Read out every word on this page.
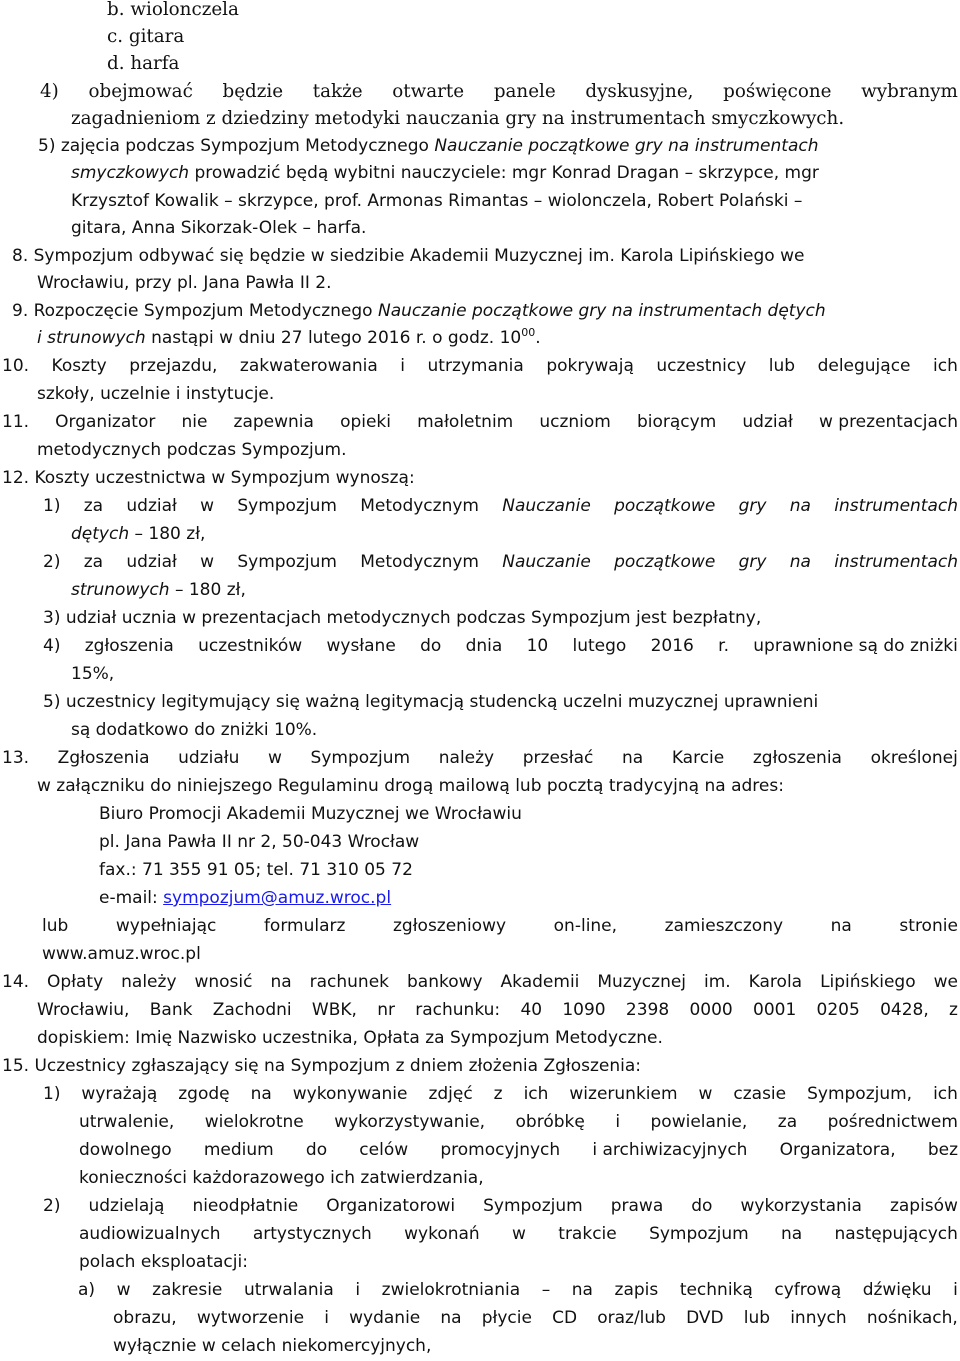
b. wiolonczela
c. gitara
d. harfa
4) obejmować będzie także otwarte panele dyskusyjne, poświęcone wybranym
zagadnieniom z dziedziny metodyki nauczania gry na instrumentach smyczkowych.
5) zajęcia podczas Sympozjum Metodycznego Nauczanie początkowe gry na instrumentach
smyczkowych prowadzić będą wybitni nauczyciele: mgr Konrad Dragan – skrzypce, mgr
Krzysztof Kowalik – skrzypce, prof. Armonas Rimantas – wiolonczela, Robert Polański –
gitara, Anna Sikorzak-Olek – harfa.
8. Sympozjum odbywać się będzie w siedzibie Akademii Muzycznej im. Karola Lipińskiego we
Wrocławiu, przy pl. Jana Pawła II 2.
9. Rozpoczęcie Sympozjum Metodycznego Nauczanie początkowe gry na instrumentach dętych
i strunowych nastąpi w dniu 27 lutego 2016 r. o godz. $10^{00}$.
10. Koszty przejazdu, zakwaterowania i utrzymania pokrywają uczestnicy lub delegujące ich
szkoły, uczelnie i instytucje.
11. Organizator nie zapewnia opieki małoletnim uczniom biorącym udział w prezentacjach
metodycznych podczas Sympozjum.
12. Koszty uczestnictwa w Sympozjum wynoszą:
1) za udział w Sympozjum Metodycznym Nauczanie początkowe gry na instrumentach
dętych – 180 zł,
2) za udział w Sympozjum Metodycznym Nauczanie początkowe gry na instrumentach
strunowych – 180 zł,
3) udział ucznia w prezentacjach metodycznych podczas Sympozjum jest bezpłatny,
4) zgłoszenia uczestników wysłane do dnia 10 lutego 2016 r. uprawnione są do zniżki
15%,
5) uczestnicy legitymujący się ważną legitymacją studencką uczelni muzycznej uprawnieni
są dodatkowo do zniżki 10%.
13. Zgłoszenia udziału w Sympozjum należy przesłać na Karcie zgłoszenia określonej
w załączniku do niniejszego Regulaminu drogą mailową lub pocztą tradycyjną na adres:
Biuro Promocji Akademii Muzycznej we Wrocławiu
pl. Jana Pawła II nr 2, 50-043 Wrocław
fax.: 71 355 91 05; tel. 71 310 05 72
e-mail: sympozjum@amuz.wroc.pl
lub	wypełniając	formularz	zgłoszeniowy	on-line,	zamieszczony	na	stronie
www.amuz.wroc.pl
14. Opłaty należy wnosić na rachunek bankowy Akademii Muzycznej im. Karola Lipińskiego we
Wrocławiu, Bank Zachodni WBK, nr rachunku: 40 1090 2398 0000 0001 0205 0428, z
dopiskiem: Imię Nazwisko uczestnika, Opłata za Sympozjum Metodyczne.
15. Uczestnicy zgłaszający się na Sympozjum z dniem złożenia Zgłoszenia:
1) wyrażają zgodę na wykonywanie zdjęć z ich wizerunkiem w czasie Sympozjum, ich
utrwalenie, wielokrotne wykorzystywanie, obróbkę i powielanie, za pośrednictwem
dowolnego medium do celów promocyjnych i archiwizacyjnych Organizatora, bez
konieczności każdorazowego ich zatwierdzania,
2) udzielają nieodpłatnie Organizatorowi Sympozjum prawa do wykorzystania zapisów
audiowizualnych artystycznych wykonań w trakcie Sympozjum na następujących
polach eksploatacji:
a) w zakresie utrwalania i zwielokrotniania – na zapis techniką cyfrową dźwięku i
obrazu, wytworzenie i wydanie na płycie CD oraz/lub DVD lub innych nośnikach,
wyłącznie w celach niekomercyjnych,
